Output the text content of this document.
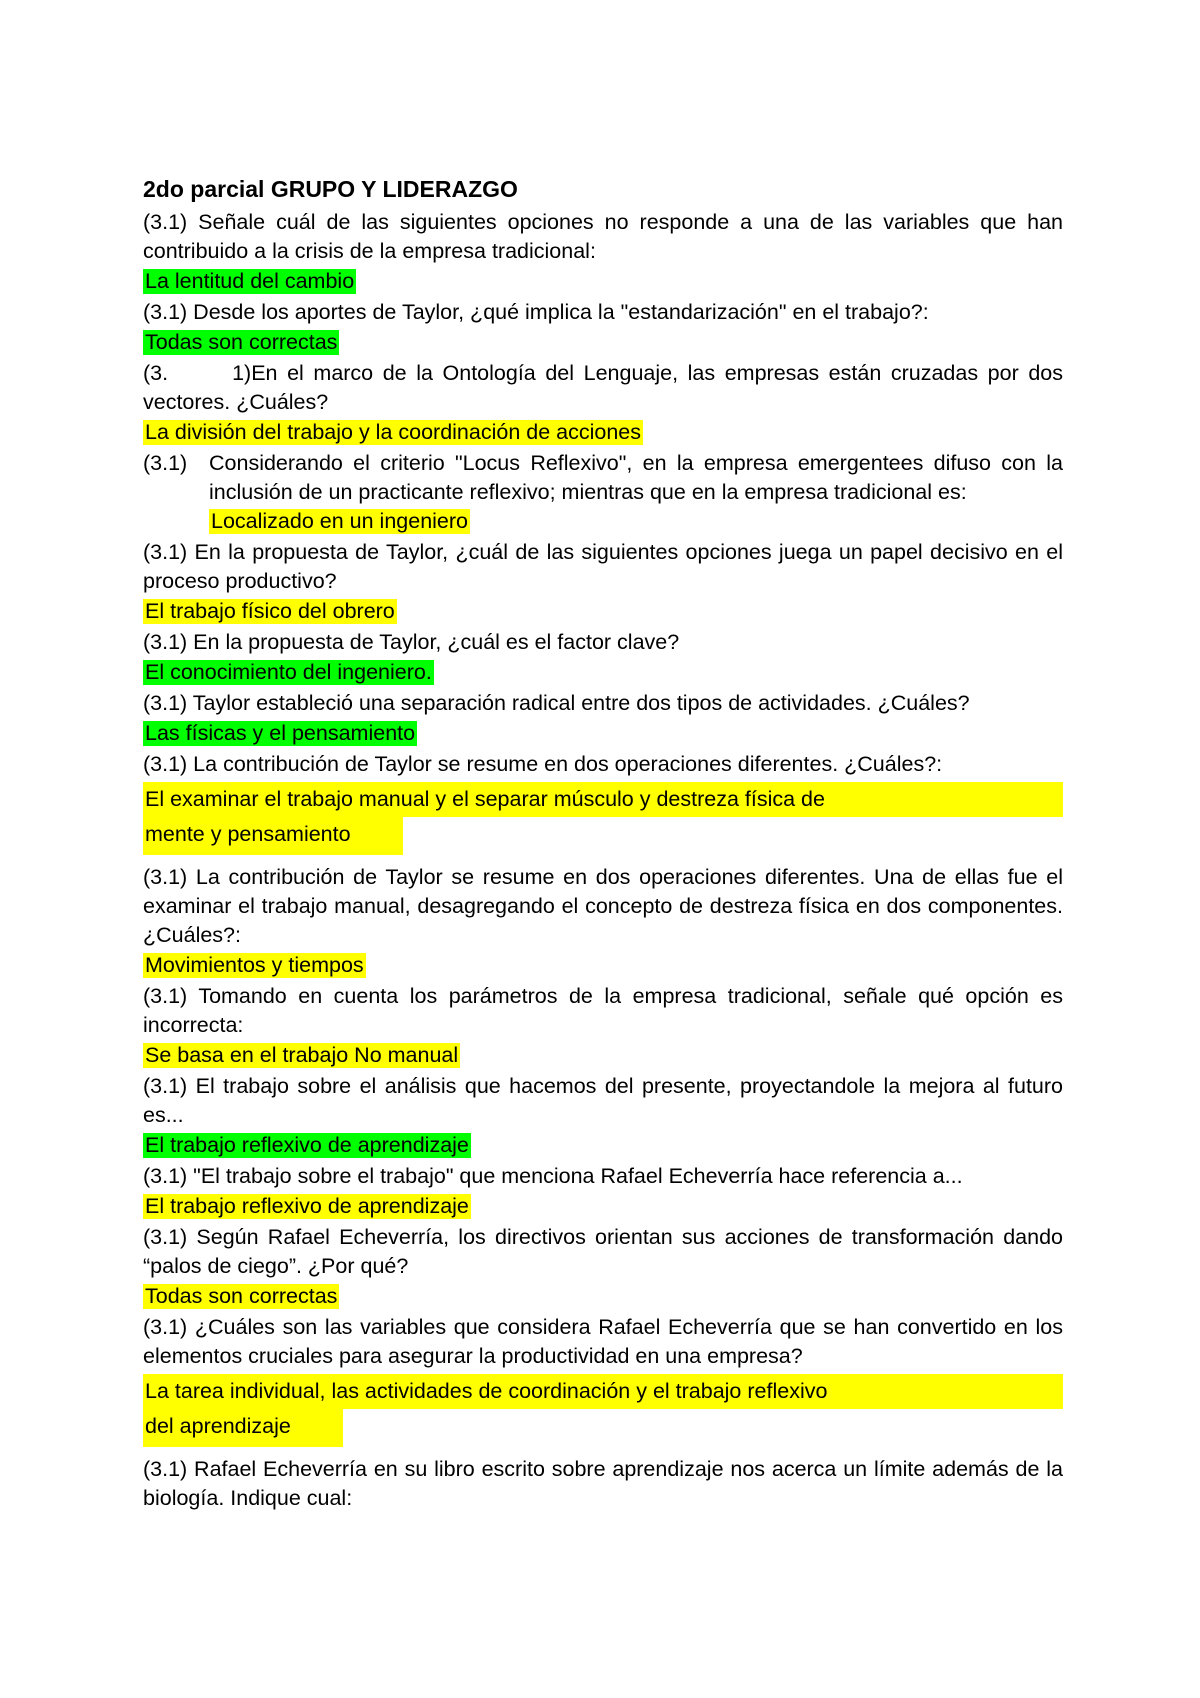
2do parcial GRUPO Y LIDERAZGO
(3.1) Señale cuál de las siguientes opciones no responde a una de las variables que han contribuido a la crisis de la empresa tradicional:
La lentitud del cambio
(3.1) Desde los aportes de Taylor, ¿qué implica la "estandarización" en el trabajo?:
Todas son correctas
(3.	1)En el marco de la Ontología del Lenguaje, las empresas están cruzadas por dos vectores. ¿Cuáles?
La división del trabajo y la coordinación de acciones
(3.1)	Considerando el criterio "Locus Reflexivo", en la empresa emergentees difuso con la inclusión de un practicante reflexivo; mientras que en la empresa tradicional es:
Localizado en un ingeniero
(3.1) En la propuesta de Taylor, ¿cuál de las siguientes opciones juega un papel decisivo en el proceso productivo?
El trabajo físico del obrero
(3.1) En la propuesta de Taylor, ¿cuál es el factor clave?
El conocimiento del ingeniero.
(3.1) Taylor estableció una separación radical entre dos tipos de actividades. ¿Cuáles?
Las físicas y el pensamiento
(3.1) La contribución de Taylor se resume en dos operaciones diferentes. ¿Cuáles?:
El examinar el trabajo manual y el separar músculo y destreza física de
mente y pensamiento
(3.1) La contribución de Taylor se resume en dos operaciones diferentes. Una de ellas fue el examinar el trabajo manual, desagregando el concepto de destreza física en dos componentes. ¿Cuáles?:
Movimientos y tiempos
(3.1) Tomando en cuenta los parámetros de la empresa tradicional, señale qué opción es incorrecta:
Se basa en el trabajo No manual
(3.1) El trabajo sobre el análisis que hacemos del presente, proyectandole la mejora al futuro es...
El trabajo reflexivo de aprendizaje
(3.1) "El trabajo sobre el trabajo" que menciona Rafael Echeverría hace referencia a...
El trabajo reflexivo de aprendizaje
(3.1) Según Rafael Echeverría, los directivos orientan sus acciones de transformación dando “palos de ciego”. ¿Por qué?
Todas son correctas
(3.1) ¿Cuáles son las variables que considera Rafael Echeverría que se han convertido en los elementos cruciales para asegurar la productividad en una empresa?
La tarea individual, las actividades de coordinación y el trabajo reflexivo
del aprendizaje
(3.1) Rafael Echeverría en su libro escrito sobre aprendizaje nos acerca un límite además de la biología. Indique cual:
